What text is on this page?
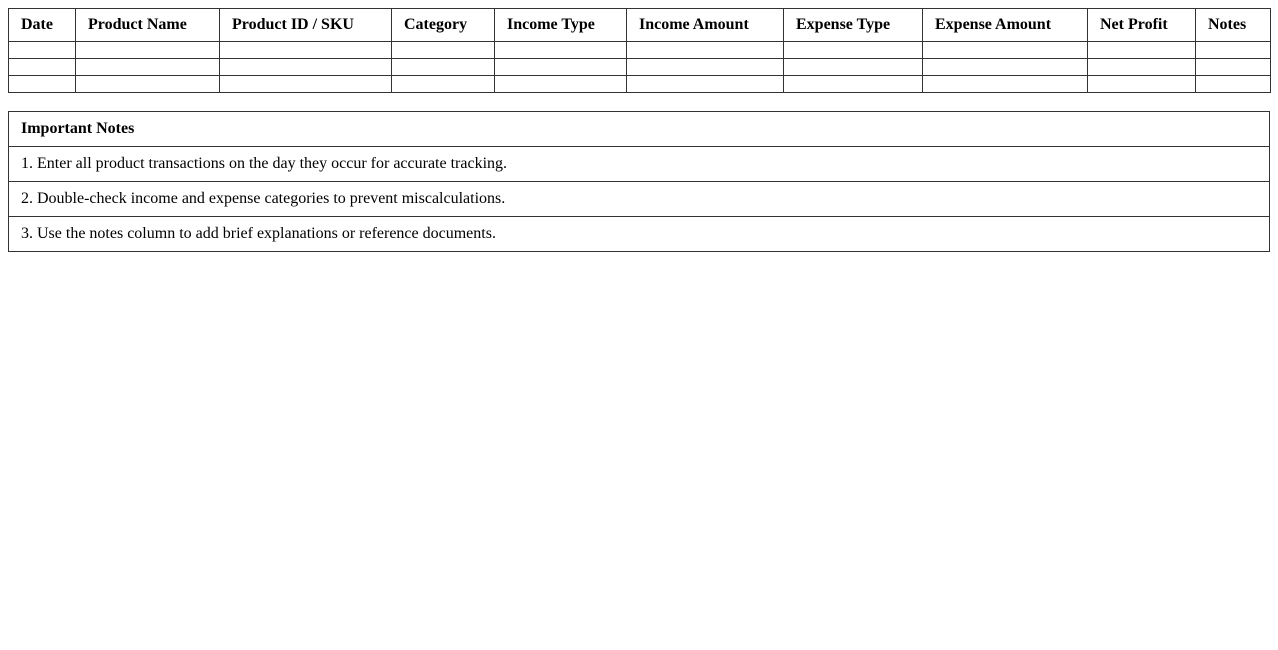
Date	Product Name	Product ID / SKU	Category	Income Type	Income Amount	Expense Type	Expense Amount	Net Profit	Notes

Important Notes
1. Enter all product transactions on the day they occur for accurate tracking.
2. Double-check income and expense categories to prevent miscalculations.
3. Use the notes column to add brief explanations or reference documents.
